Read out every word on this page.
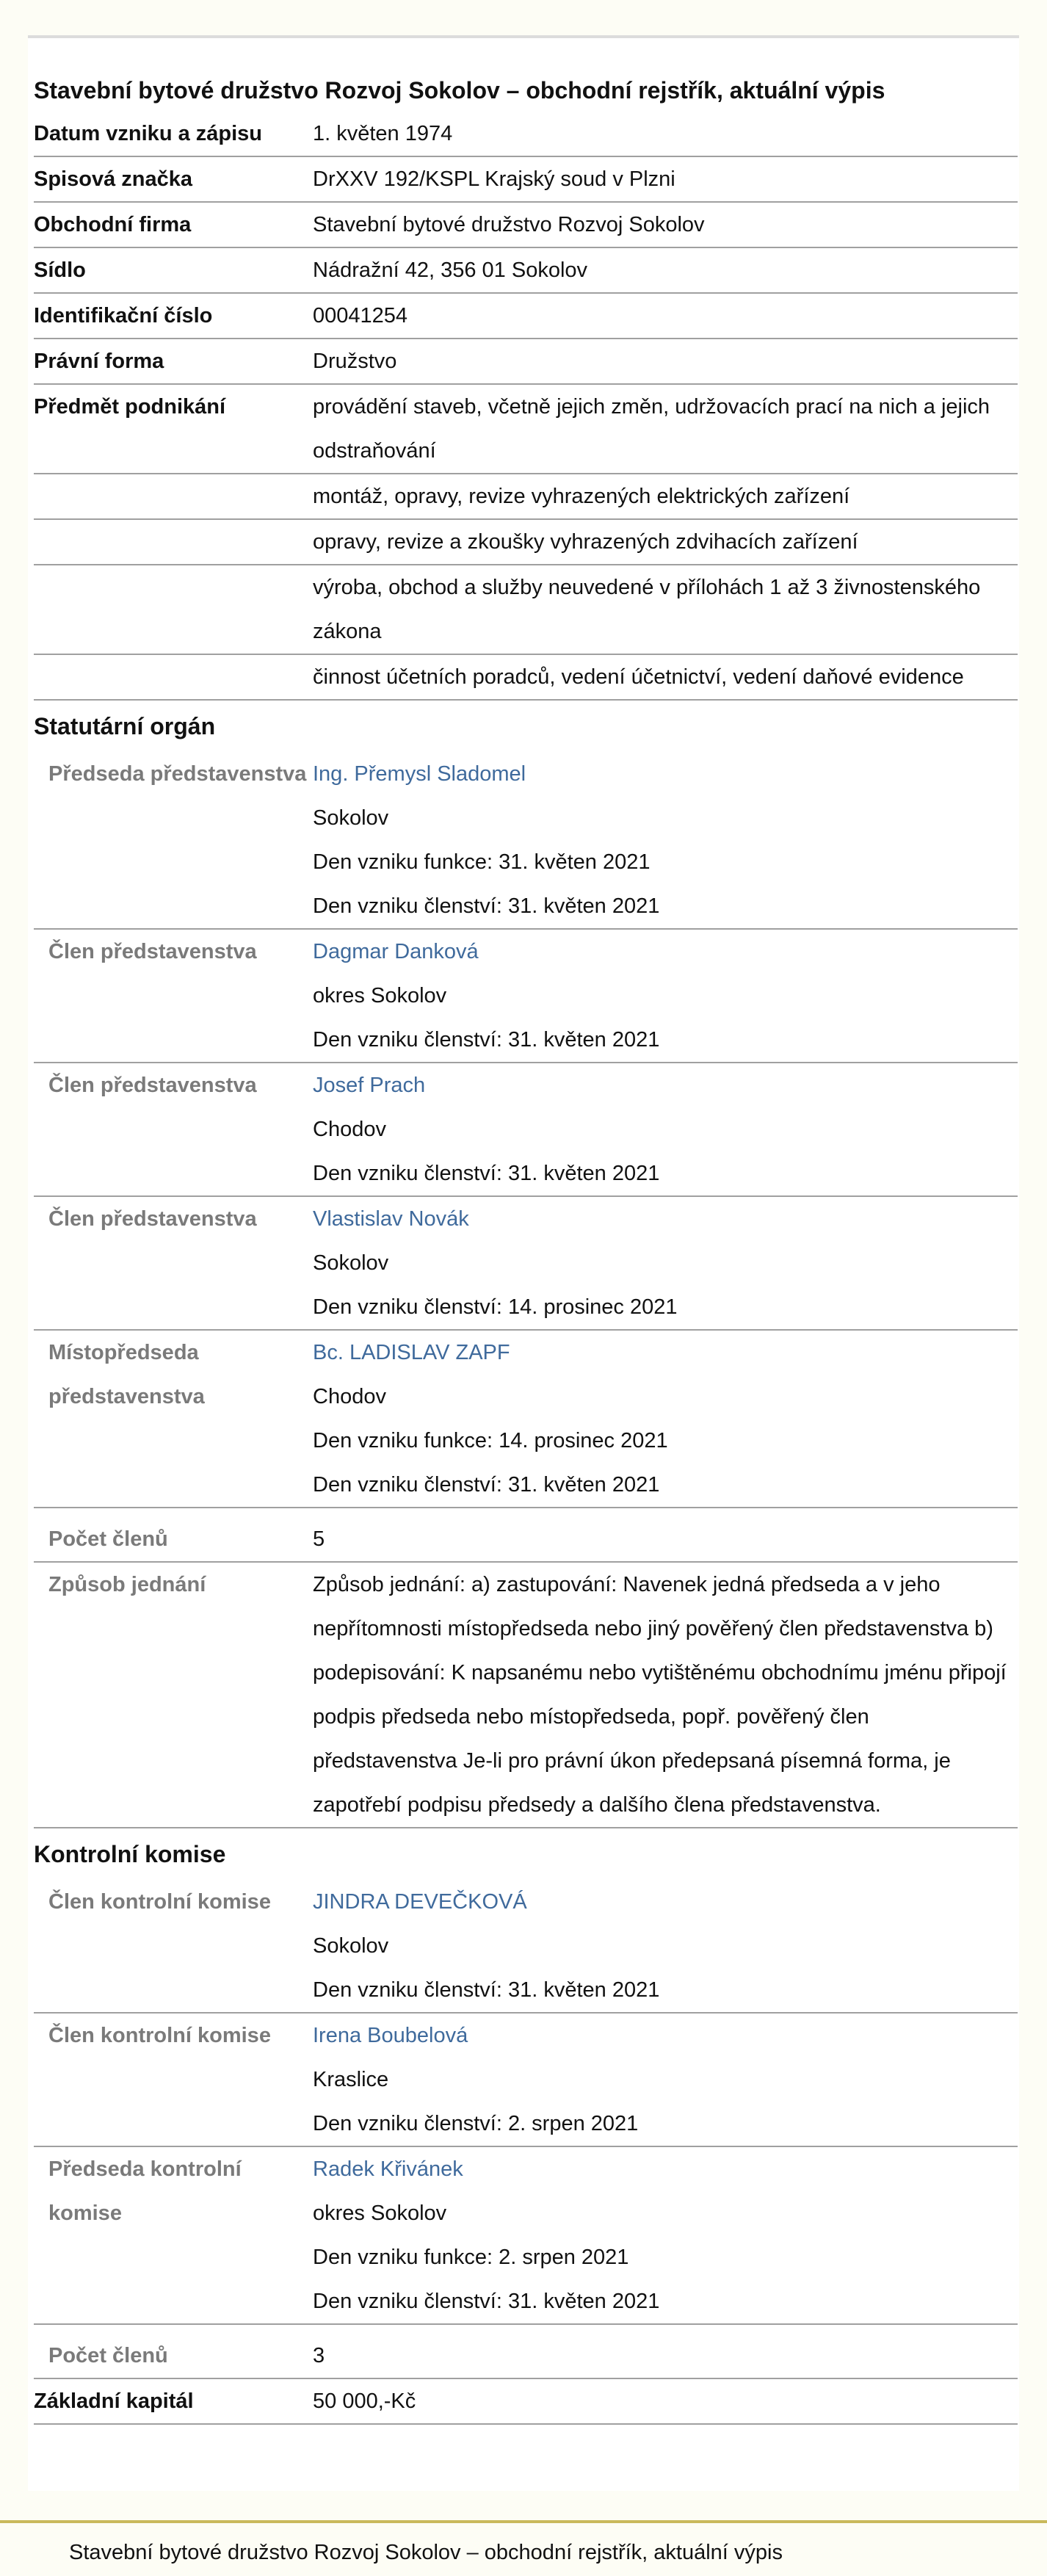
Stavební bytové družstvo Rozvoj Sokolov – obchodní rejstřík, aktuální výpis
Datum vzniku a zápisu	1. květen 1974

Spisová značka	DrXXV 192/KSPL Krajský soud v Plzni

Obchodní firma	Stavební bytové družstvo Rozvoj Sokolov

Sídlo	Nádražní 42, 356 01 Sokolov

Identifikační číslo	00041254

Právní forma	Družstvo

Předmět podnikání	provádění staveb, včetně jejich změn, udržovacích prací na nich a jejich odstraňování
	montáž, opravy, revize vyhrazených elektrických zařízení
	opravy, revize a zkoušky vyhrazených zdvihacích zařízení
	výroba, obchod a služby neuvedené v přílohách 1 až 3 živnostenského zákona
	činnost účetních poradců, vedení účetnictví, vedení daňové evidence
Statutární orgán	
Předseda představenstva	Ing. Přemysl Sladomel
	Sokolov
	Den vzniku funkce: 31. květen 2021
	Den vzniku členství: 31. květen 2021
Člen představenstva	Dagmar Danková
	okres Sokolov
	Den vzniku členství: 31. květen 2021
Člen představenstva	Josef Prach
	Chodov
	Den vzniku členství: 31. květen 2021
Člen představenstva	Vlastislav Novák
	Sokolov
	Den vzniku členství: 14. prosinec 2021
Místopředseda představenstva	Bc. LADISLAV ZAPF
	Chodov
	Den vzniku funkce: 14. prosinec 2021
	Den vzniku členství: 31. květen 2021
Počet členů	5
Způsob jednání	Způsob jednání: a) zastupování: Navenek jedná předseda a v jeho nepřítomnosti místopředseda nebo jiný pověřený člen představenstva b) podepisování: K napsanému nebo vytištěnému obchodnímu jménu připojí podpis předseda nebo místopředseda, popř. pověřený člen představenstva Je-li pro právní úkon předepsaná písemná forma, je zapotřebí podpisu předsedy a dalšího člena představenstva.
Kontrolní komise	
Člen kontrolní komise	JINDRA DEVEČKOVÁ
	Sokolov
	Den vzniku členství: 31. květen 2021
Člen kontrolní komise	Irena Boubelová
	Kraslice
	Den vzniku členství: 2. srpen 2021
Předseda kontrolní komise	Radek Křivánek
	okres Sokolov
	Den vzniku funkce: 2. srpen 2021
	Den vzniku členství: 31. květen 2021
Počet členů	3
Základní kapitál	50 000,-Kč
Stavební bytové družstvo Rozvoj Sokolov – obchodní rejstřík, aktuální výpis
